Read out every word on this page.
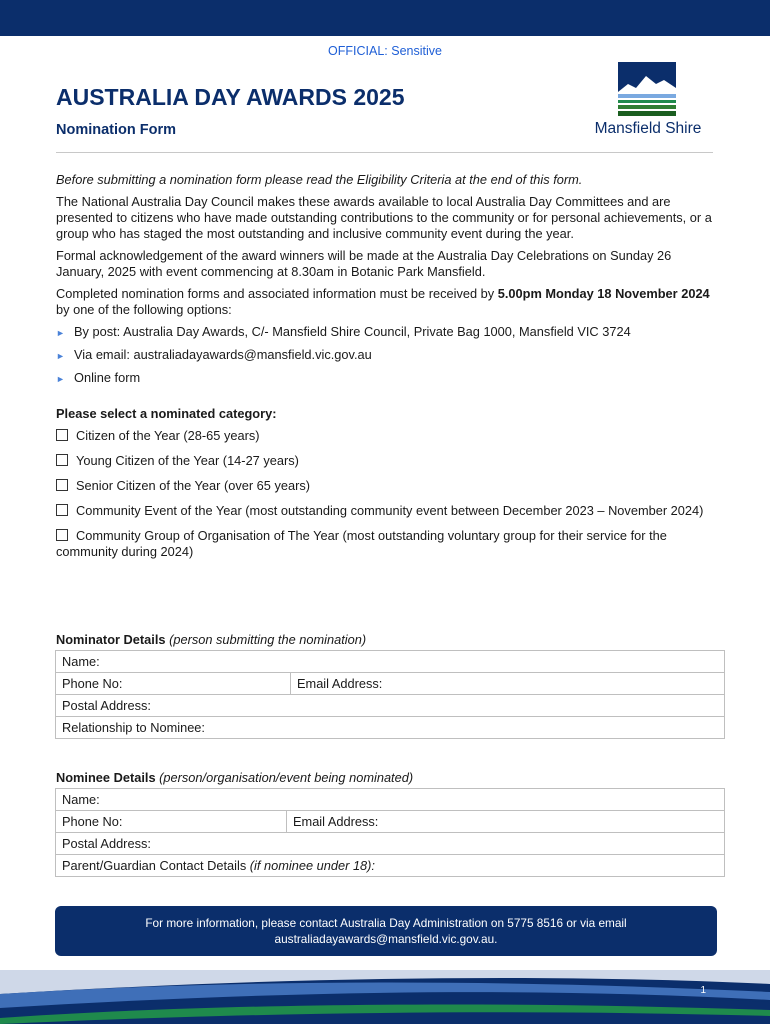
OFFICIAL: Sensitive
AUSTRALIA DAY AWARDS 2025
Nomination Form	Mansfield Shire

Before submitting a nomination form please read the Eligibility Criteria at the end of this form.

The National Australia Day Council makes these awards available to local Australia Day Committees and are presented to citizens who have made outstanding contributions to the community or for personal achievements, or a group who has staged the most outstanding and inclusive community event during the year.

Formal acknowledgement of the award winners will be made at the Australia Day Celebrations on Sunday 26 January, 2025 with event commencing at 8.30am in Botanic Park Mansfield.

Completed nomination forms and associated information must be received by 5.00pm Monday 18 November 2024 by one of the following options:

► By post: Australia Day Awards, C/- Mansfield Shire Council, Private Bag 1000, Mansfield VIC 3724
► Via email: australiadayawards@mansfield.vic.gov.au
► Online form

Please select a nominated category:

Citizen of the Year (28-65 years)

Young Citizen of the Year (14-27 years)

Senior Citizen of the Year (over 65 years)

Community Event of the Year (most outstanding community event between December 2023 – November 2024)

Community Group of Organisation of The Year (most outstanding voluntary group for their service for the community during 2024)

Nominator Details (person submitting the nomination)
Name:
Phone No:	Email Address:
Postal Address:
Relationship to Nominee:
Nominee Details (person/organisation/event being nominated)
Name:
Phone No:	Email Address:
Postal Address:
Parent/Guardian Contact Details (if nominee under 18):
For more information, please contact Australia Day Administration on 5775 8516 or via email
australiadayawards@mansfield.vic.gov.au.
1
